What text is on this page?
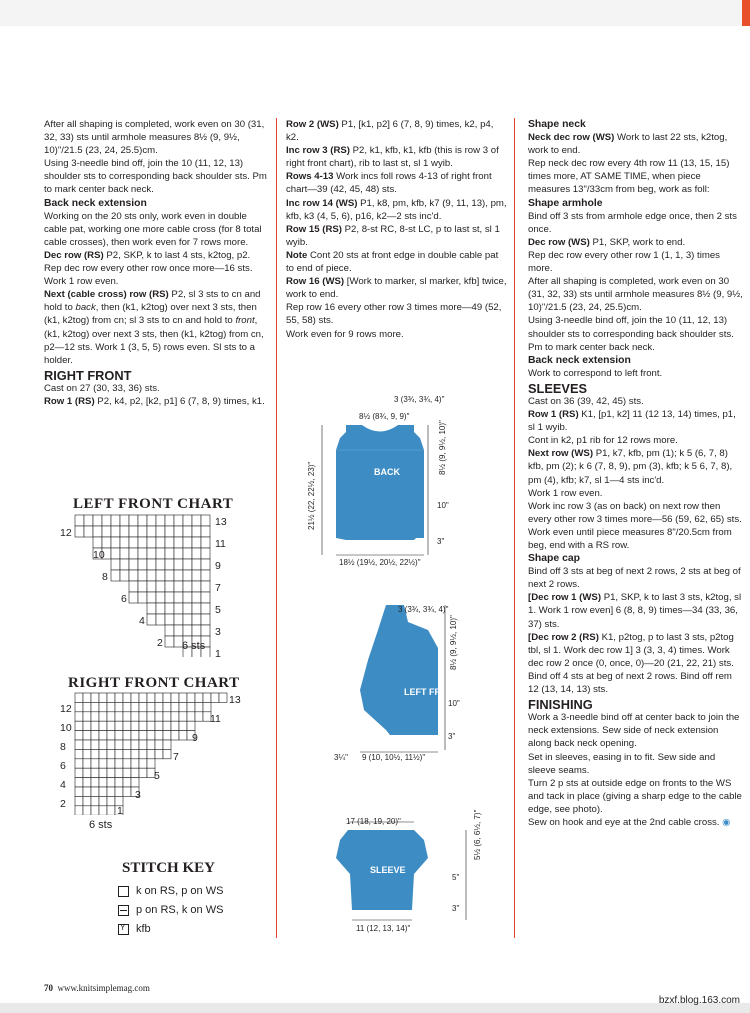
After all shaping is completed, work even on 30 (31, 32, 33) sts until armhole measures 8½ (9, 9½, 10)"/21.5 (23, 24, 25.5)cm.

Using 3-needle bind off, join the 10 (11, 12, 13) shoulder sts to corresponding back shoulder sts. Pm to mark center back neck.

Back neck extension

Working on the 20 sts only, work even in double cable pat, working one more cable cross (for 8 total cable crosses), then work even for 7 rows more.

Dec row (RS) P2, SKP, k to last 4 sts, k2tog, p2. Rep dec row every other row once more—16 sts. Work 1 row even.

Next (cable cross) row (RS) P2, sl 3 sts to cn and hold to back, then (k1, k2tog) over next 3 sts, then (k1, k2tog) from cn; sl 3 sts to cn and hold to front, (k1, k2tog) over next 3 sts, then (k1, k2tog) from cn, p2—12 sts. Work 1 (3, 5, 5) rows even. Sl sts to a holder.

RIGHT FRONT

Cast on 27 (30, 33, 36) sts.

Row 1 (RS) P2, k4, p2, [k2, p1] 6 (7, 8, 9) times, k1.

LEFT FRONT CHART
13
11
9
7
5
3
1
12
10
8
6
4
2 6 sts
RIGHT FRONT CHART
12
10
8
6
4
2
13
11
9
7
5
3
1
6 sts
STITCH KEY
k on RS, p on WS
p on RS, k on WS
Y
kfb

Row 2 (WS) P1, [k1, p2] 6 (7, 8, 9) times, k2, p4, k2.

Inc row 3 (RS) P2, k1, kfb, k1, kfb (this is row 3 of right front chart), rib to last st, sl 1 wyib.

Rows 4-13 Work incs foll rows 4-13 of right front chart—39 (42, 45, 48) sts.

Inc row 14 (WS) P1, k8, pm, kfb, k7 (9, 11, 13), pm, kfb, k3 (4, 5, 6), p16, k2—2 sts inc'd.

Row 15 (RS) P2, 8-st RC, 8-st LC, p to last st, sl 1 wyib.

Note Cont 20 sts at front edge in double cable pat to end of piece.

Row 16 (WS) [Work to marker, sl marker, kfb] twice, work to end.

Rep row 16 every other row 3 times more—49 (52, 55, 58) sts.

Work even for 9 rows more.

BACK
3 (3¾, 3¾, 4)"
8½ (8¾, 9, 9)"
8½ (9, 9½, 10)"
10"
3"
21½ (22, 22½, 23)"
18½ (19½, 20½, 22½)"
LEFT FRONT
3 (3¾, 3¾, 4)"
8½ (9, 9½, 10)"
10"
3"
3¼" 9 (10, 10½, 11½)"
SLEEVE
17 (18, 19, 20)"	5½ (6, 6½, 7)"
5"
3"
11 (12, 13, 14)"

Shape neck

Neck dec row (WS) Work to last 22 sts, k2tog, work to end.

Rep neck dec row every 4th row 11 (13, 15, 15) times more, AT SAME TIME, when piece measures 13"/33cm from beg, work as foll:

Shape armhole

Bind off 3 sts from armhole edge once, then 2 sts once.

Dec row (WS) P1, SKP, work to end.

Rep dec row every other row 1 (1, 1, 3) times more.

After all shaping is completed, work even on 30 (31, 32, 33) sts until armhole measures 8½ (9, 9½, 10)"/21.5 (23, 24, 25.5)cm.

Using 3-needle bind off, join the 10 (11, 12, 13) shoulder sts to corresponding back shoulder sts. Pm to mark center back neck.

Back neck extension

Work to correspond to left front.

SLEEVES

Cast on 36 (39, 42, 45) sts.

Row 1 (RS) K1, [p1, k2] 11 (12 13, 14) times, p1, sl 1 wyib.

Cont in k2, p1 rib for 12 rows more.

Next row (WS) P1, k7, kfb, pm (1); k 5 (6, 7, 8) kfb, pm (2); k 6 (7, 8, 9), pm (3), kfb; k 5 6, 7, 8), pm (4), kfb; k7, sl 1—4 sts inc'd.

Work 1 row even.

Work inc row 3 (as on back) on next row then every other row 3 times more—56 (59, 62, 65) sts.

Work even until piece measures 8"/20.5cm from beg, end with a RS row.

Shape cap

Bind off 3 sts at beg of next 2 rows, 2 sts at beg of next 2 rows.

[Dec row 1 (WS) P1, SKP, k to last 3 sts, k2tog, sl 1. Work 1 row even] 6 (8, 8, 9) times—34 (33, 36, 37) sts.

[Dec row 2 (RS) K1, p2tog, p to last 3 sts, p2tog tbl, sl 1. Work dec row 1] 3 (3, 3, 4) times. Work dec row 2 once (0, once, 0)—20 (21, 22, 21) sts. Bind off 4 sts at beg of next 2 rows. Bind off rem 12 (13, 14, 13) sts.

FINISHING

Work a 3-needle bind off at center back to join the neck extensions. Sew side of neck extension along back neck opening.

Set in sleeves, easing in to fit. Sew side and sleeve seams.

Turn 2 p sts at outside edge on fronts to the WS and tack in place (giving a sharp edge to the cable edge, see photo).

Sew on hook and eye at the 2nd cable cross. ◉

70 www.knitsimplemag.com
bzxf.blog.163.com
